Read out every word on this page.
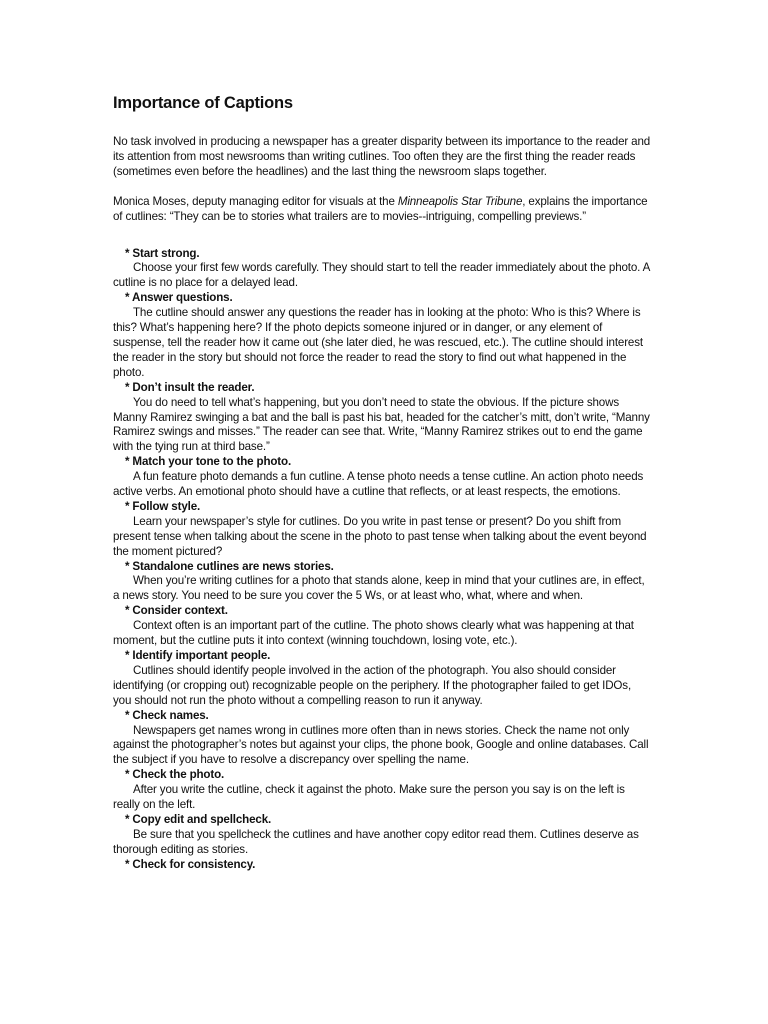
Importance of Captions

No task involved in producing a newspaper has a greater disparity between its importance to the reader and its attention from most newsrooms than writing cutlines. Too often they are the first thing the reader reads (sometimes even before the headlines) and the last thing the newsroom slaps together.

Monica Moses, deputy managing editor for visuals at the Minneapolis Star Tribune, explains the importance of cutlines: “They can be to stories what trailers are to movies--intriguing, compelling previews.”

* Start strong.

Choose your first few words carefully. They should start to tell the reader immediately about the photo. A cutline is no place for a delayed lead.

* Answer questions.

The cutline should answer any questions the reader has in looking at the photo: Who is this? Where is this? What’s happening here? If the photo depicts someone injured or in danger, or any element of suspense, tell the reader how it came out (she later died, he was rescued, etc.). The cutline should interest the reader in the story but should not force the reader to read the story to find out what happened in the photo.

* Don’t insult the reader.

You do need to tell what’s happening, but you don’t need to state the obvious. If the picture shows Manny Ramirez swinging a bat and the ball is past his bat, headed for the catcher’s mitt, don’t write, “Manny Ramirez swings and misses.” The reader can see that. Write, “Manny Ramirez strikes out to end the game with the tying run at third base.”

* Match your tone to the photo.

A fun feature photo demands a fun cutline. A tense photo needs a tense cutline. An action photo needs active verbs. An emotional photo should have a cutline that reflects, or at least respects, the emotions.

* Follow style.

Learn your newspaper’s style for cutlines. Do you write in past tense or present? Do you shift from present tense when talking about the scene in the photo to past tense when talking about the event beyond the moment pictured?

* Standalone cutlines are news stories.

When you’re writing cutlines for a photo that stands alone, keep in mind that your cutlines are, in effect, a news story. You need to be sure you cover the 5 Ws, or at least who, what, where and when.

* Consider context.

Context often is an important part of the cutline. The photo shows clearly what was happening at that moment, but the cutline puts it into context (winning touchdown, losing vote, etc.).

* Identify important people.

Cutlines should identify people involved in the action of the photograph. You also should consider identifying (or cropping out) recognizable people on the periphery. If the photographer failed to get IDOs, you should not run the photo without a compelling reason to run it anyway.

* Check names.

Newspapers get names wrong in cutlines more often than in news stories. Check the name not only against the photographer’s notes but against your clips, the phone book, Google and online databases. Call the subject if you have to resolve a discrepancy over spelling the name.

* Check the photo.

After you write the cutline, check it against the photo. Make sure the person you say is on the left is really on the left.

* Copy edit and spellcheck.

Be sure that you spellcheck the cutlines and have another copy editor read them. Cutlines deserve as thorough editing as stories.

* Check for consistency.
